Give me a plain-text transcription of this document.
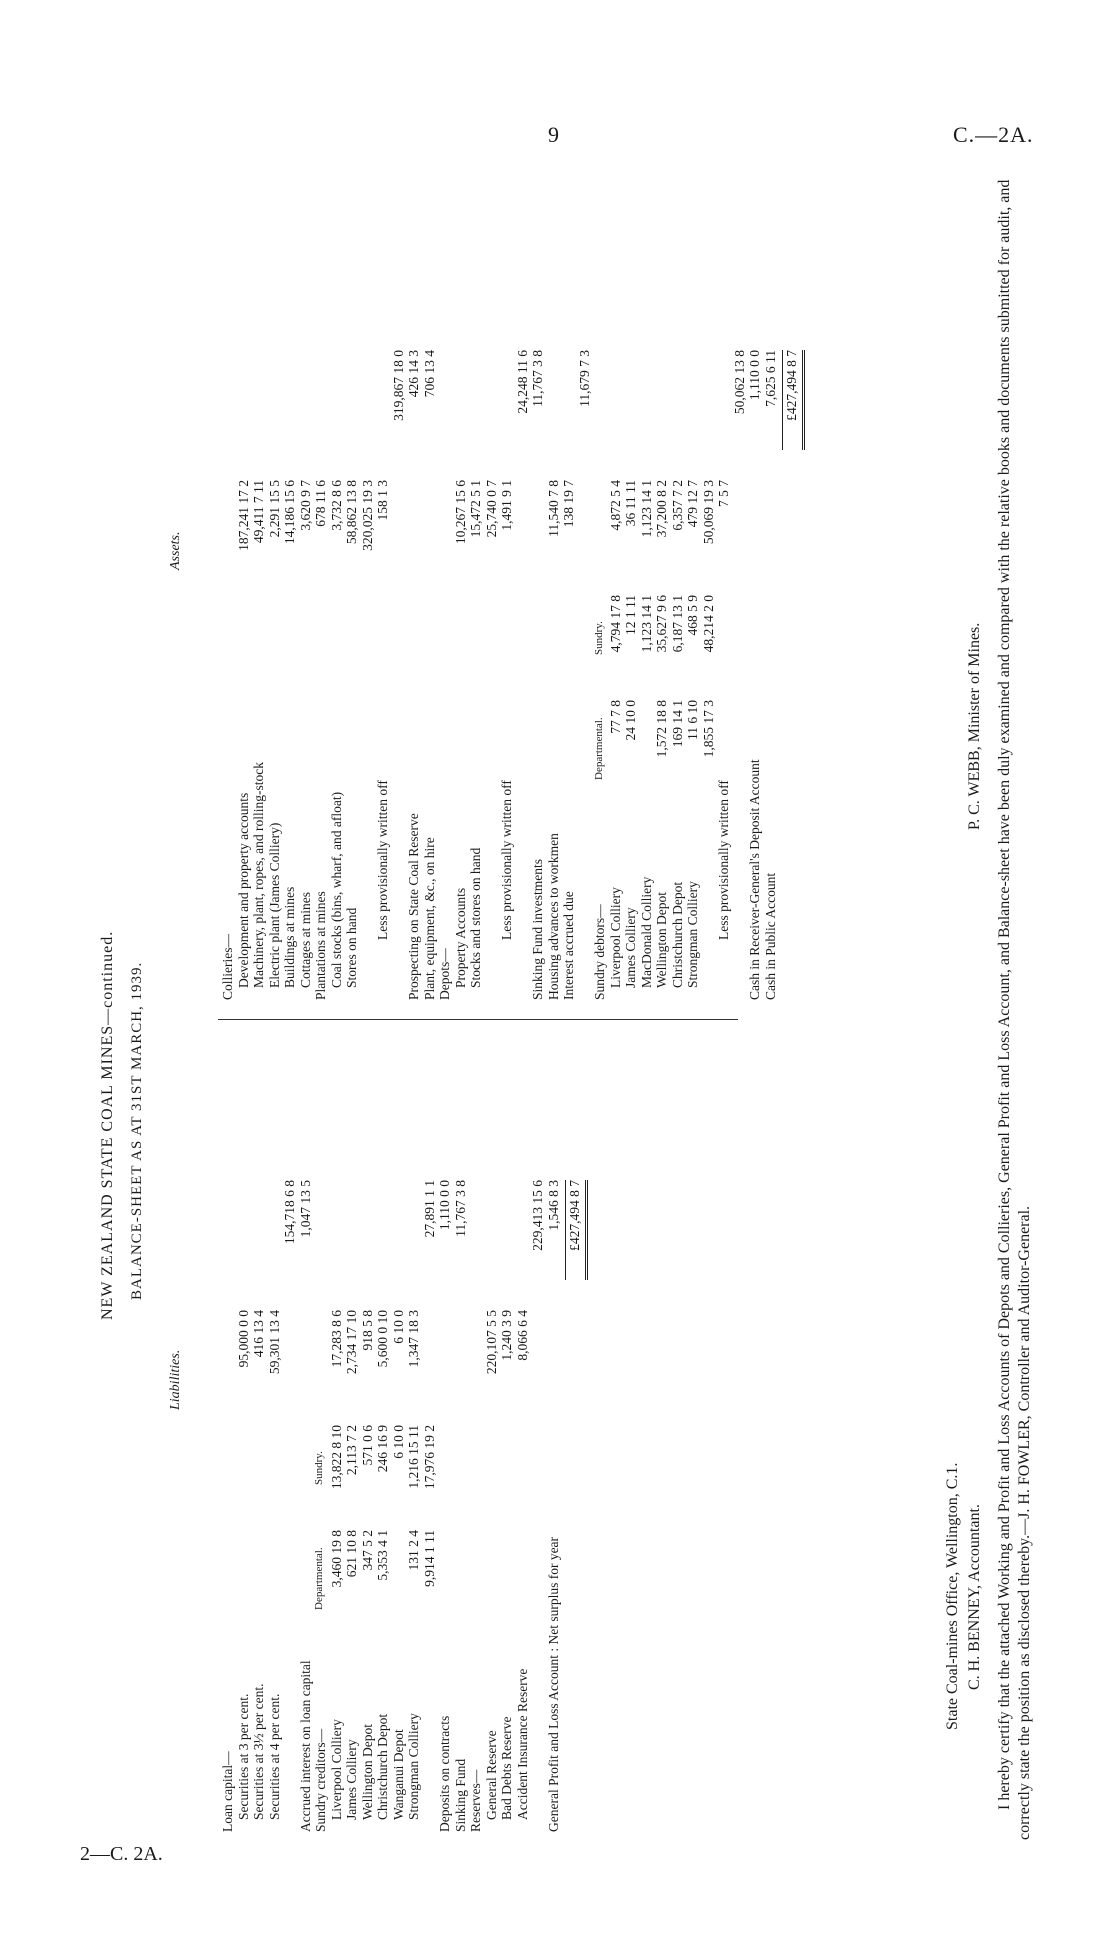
9	C.—2A.
NEW ZEALAND STATE COAL MINES—continued. BALANCE-SHEET AS AT 31ST MARCH, 1939.
Liabilities.
Loan capital— Securities at 3 per cent.
95,000 0 0
Securities at 3½ per cent.
416 13 4
Securities at 4 per cent.
59,301 13 4
154,718 6 8
Accrued interest on loan capital
1,047 13 5
Sundry creditors— Liverpool Colliery
3,460 19 8
13,822 8 10
17,283 8 6
James Colliery
621 10 8
2,113 7 2
2,734 17 10
Wellington Depot
347 5 2
571 0 6
918 5 8
Christchurch Depot
5,353 4 1
246 16 9
5,600 0 10
Wanganui Depot
6 10 0
6 10 0
Strongman Colliery
131 2 4
1,216 15 11
1,347 18 3
9,914 1 11
17,976 19 2
27,891 1 1
Deposits on contracts
1,110 0 0
Sinking Fund
11,767 3 8
Reserves— General Reserve
220,107 5 5
Bad Debts Reserve
1,240 3 9
Accident Insurance Reserve
8,066 6 4
229,413 15 6
General Profit and Loss Account : Net surplus for year
1,546 8 3 £427,494 8 7
Departmental.
Sundry.
Assets.
Collieries— Development and property accounts
187,241 17 2
Machinery, plant, ropes, and rolling-stock
49,411 7 11
Electric plant (James Colliery)
2,291 15 5
Buildings at mines
14,186 15 6
Cottages at mines
3,620 9 7
Plantations at mines
678 11 6
Coal stocks (bins, wharf, and afloat)
3,732 8 6
Stores on hand
58,862 13 8 320,025 19 3
Less provisionally written off
158 1 3
319,867 18 0
Prospecting on State Coal Reserve
426 14 3
Plant, equipment, &c., on hire
706 13 4
Depots— Property Accounts
10,267 15 6
Stocks and stores on hand
15,472 5 1 25,740 0 7
Less provisionally written off
1,491 9 1
24,248 11 6
Sinking Fund investments
11,767 3 8
Housing advances to workmen
11,540 7 8
Interest accrued due
138 19 7
11,679 7 3
Sundry debtors— Liverpool Colliery
77 7 8
4,794 17 8
4,872 5 4
James Colliery
24 10 0
12 1 11
36 11 11
MacDonald Colliery
1,123 14 1
1,123 14 1
Wellington Depot
1,572 18 8
35,627 9 6
37,200 8 2
Christchurch Depot
169 14 1
6,187 13 1
6,357 7 2
Strongman Colliery
11 6 10
468 5 9
479 12 7
1,855 17 3
48,214 2 0
50,069 19 3
Less provisionally written off
7 5 7
50,062 13 8
Cash in Receiver-General's Deposit Account
1,110 0 0
Cash in Public Account
7,625 6 11 £427,494 8 7
Departmental.
Sundry.
State Coal-mines Office, Wellington, C.1. C. H. BENNEY, Accountant.
P. C. WEBB, Minister of Mines. I hereby certify that the attached Working and Profit and Loss Accounts of Depots and Collieries, General Profit and Loss Account, and Balance-sheet have been duly examined and compared with the relative books and documents submitted for audit, and correctly state the position as disclosed thereby.—J. H. FOWLER, Controller and Auditor-General.
2—C. 2A.
